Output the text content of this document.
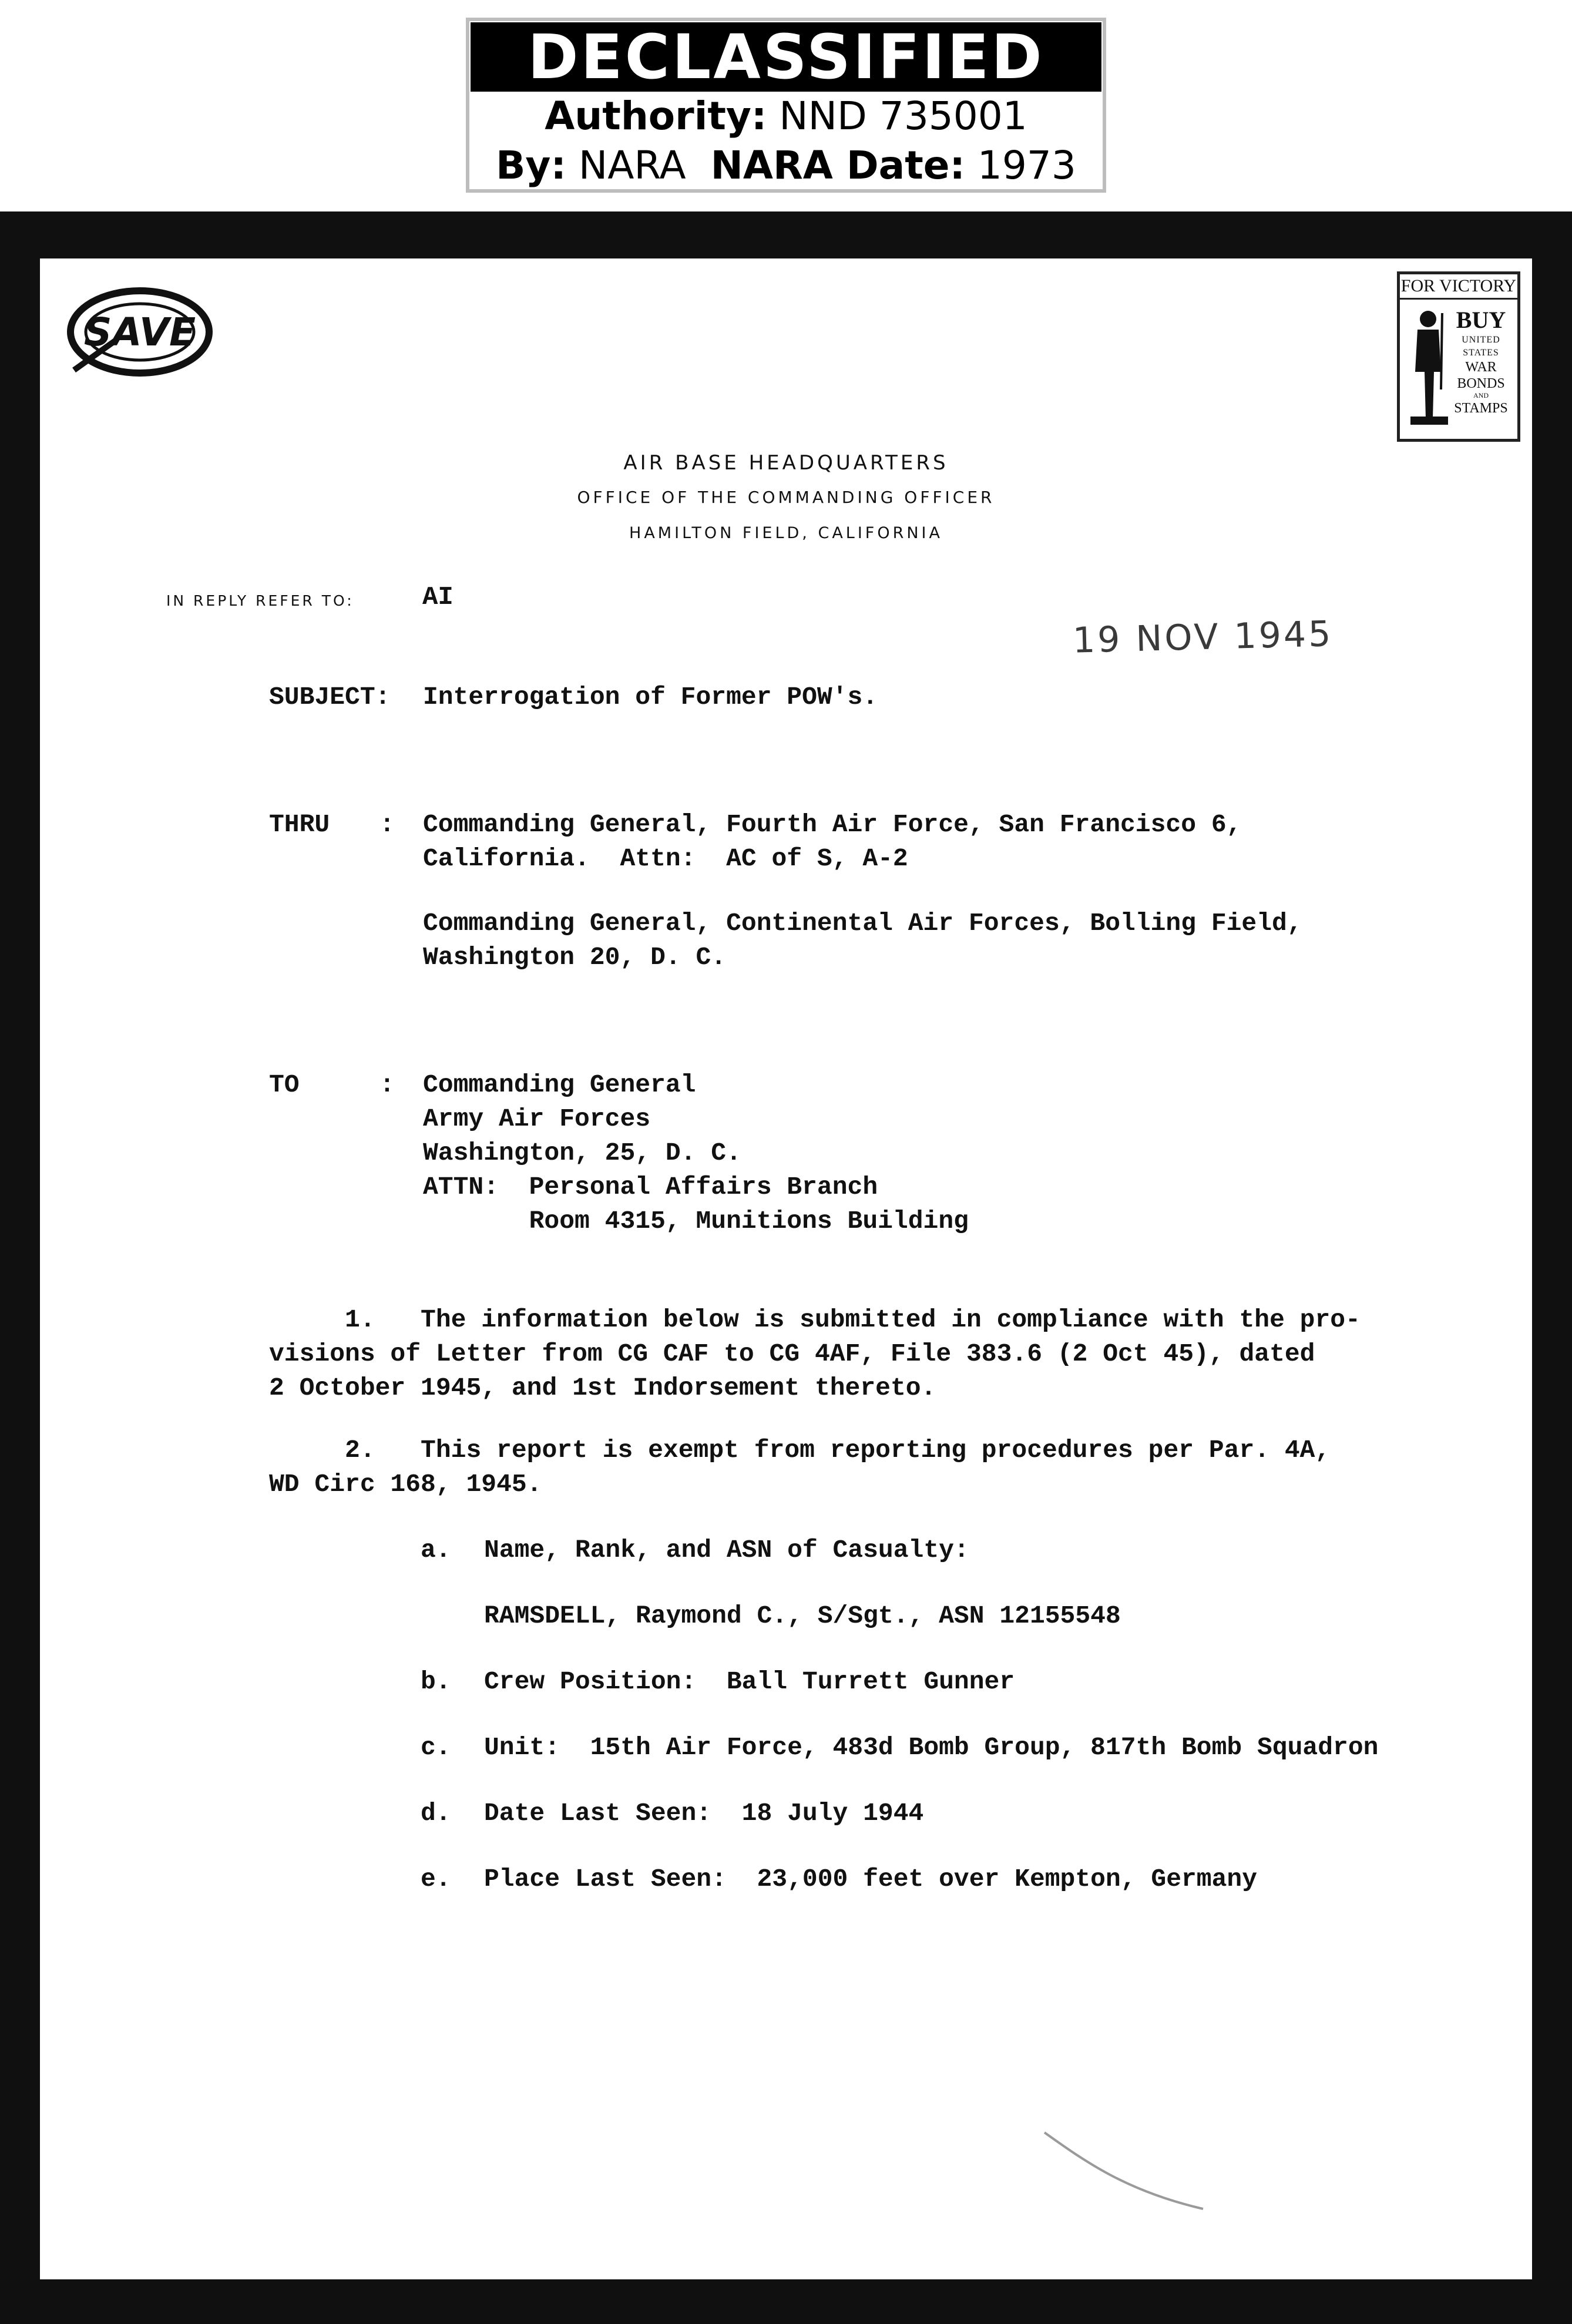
DECLASSIFIED
Authority: NND 735001
By: NARA NARA Date: 1973
SAVE
FOR VICTORY
BUY
UNITED
STATES
WAR
BONDS
AND
STAMPS
AIR BASE HEADQUARTERS
OFFICE OF THE COMMANDING OFFICER
HAMILTON FIELD, CALIFORNIA
IN REPLY REFER TO:	AI
19 NOV 1945
SUBJECT: Interrogation of Former POW's.
THRU : Commanding General, Fourth Air Force, San Francisco 6,
California.  Attn:  AC of S, A-2
Commanding General, Continental Air Forces, Bolling Field,
Washington 20, D. C.
TO	: Commanding General
Army Air Forces
Washington, 25, D. C.
ATTN:  Personal Affairs Branch
Room 4315, Munitions Building
1.   The information below is submitted in compliance with the pro-
visions of Letter from CG CAF to CG 4AF, File 383.6 (2 Oct 45), dated
2 October 1945, and 1st Indorsement thereto.
2.   This report is exempt from reporting procedures per Par. 4A,
WD Circ 168, 1945.
a. Name, Rank, and ASN of Casualty:
RAMSDELL, Raymond C., S/Sgt., ASN 12155548
b. Crew Position:  Ball Turrett Gunner
c. Unit:  15th Air Force, 483d Bomb Group, 817th Bomb Squadron
d. Date Last Seen:  18 July 1944
e. Place Last Seen:  23,000 feet over Kempton, Germany
